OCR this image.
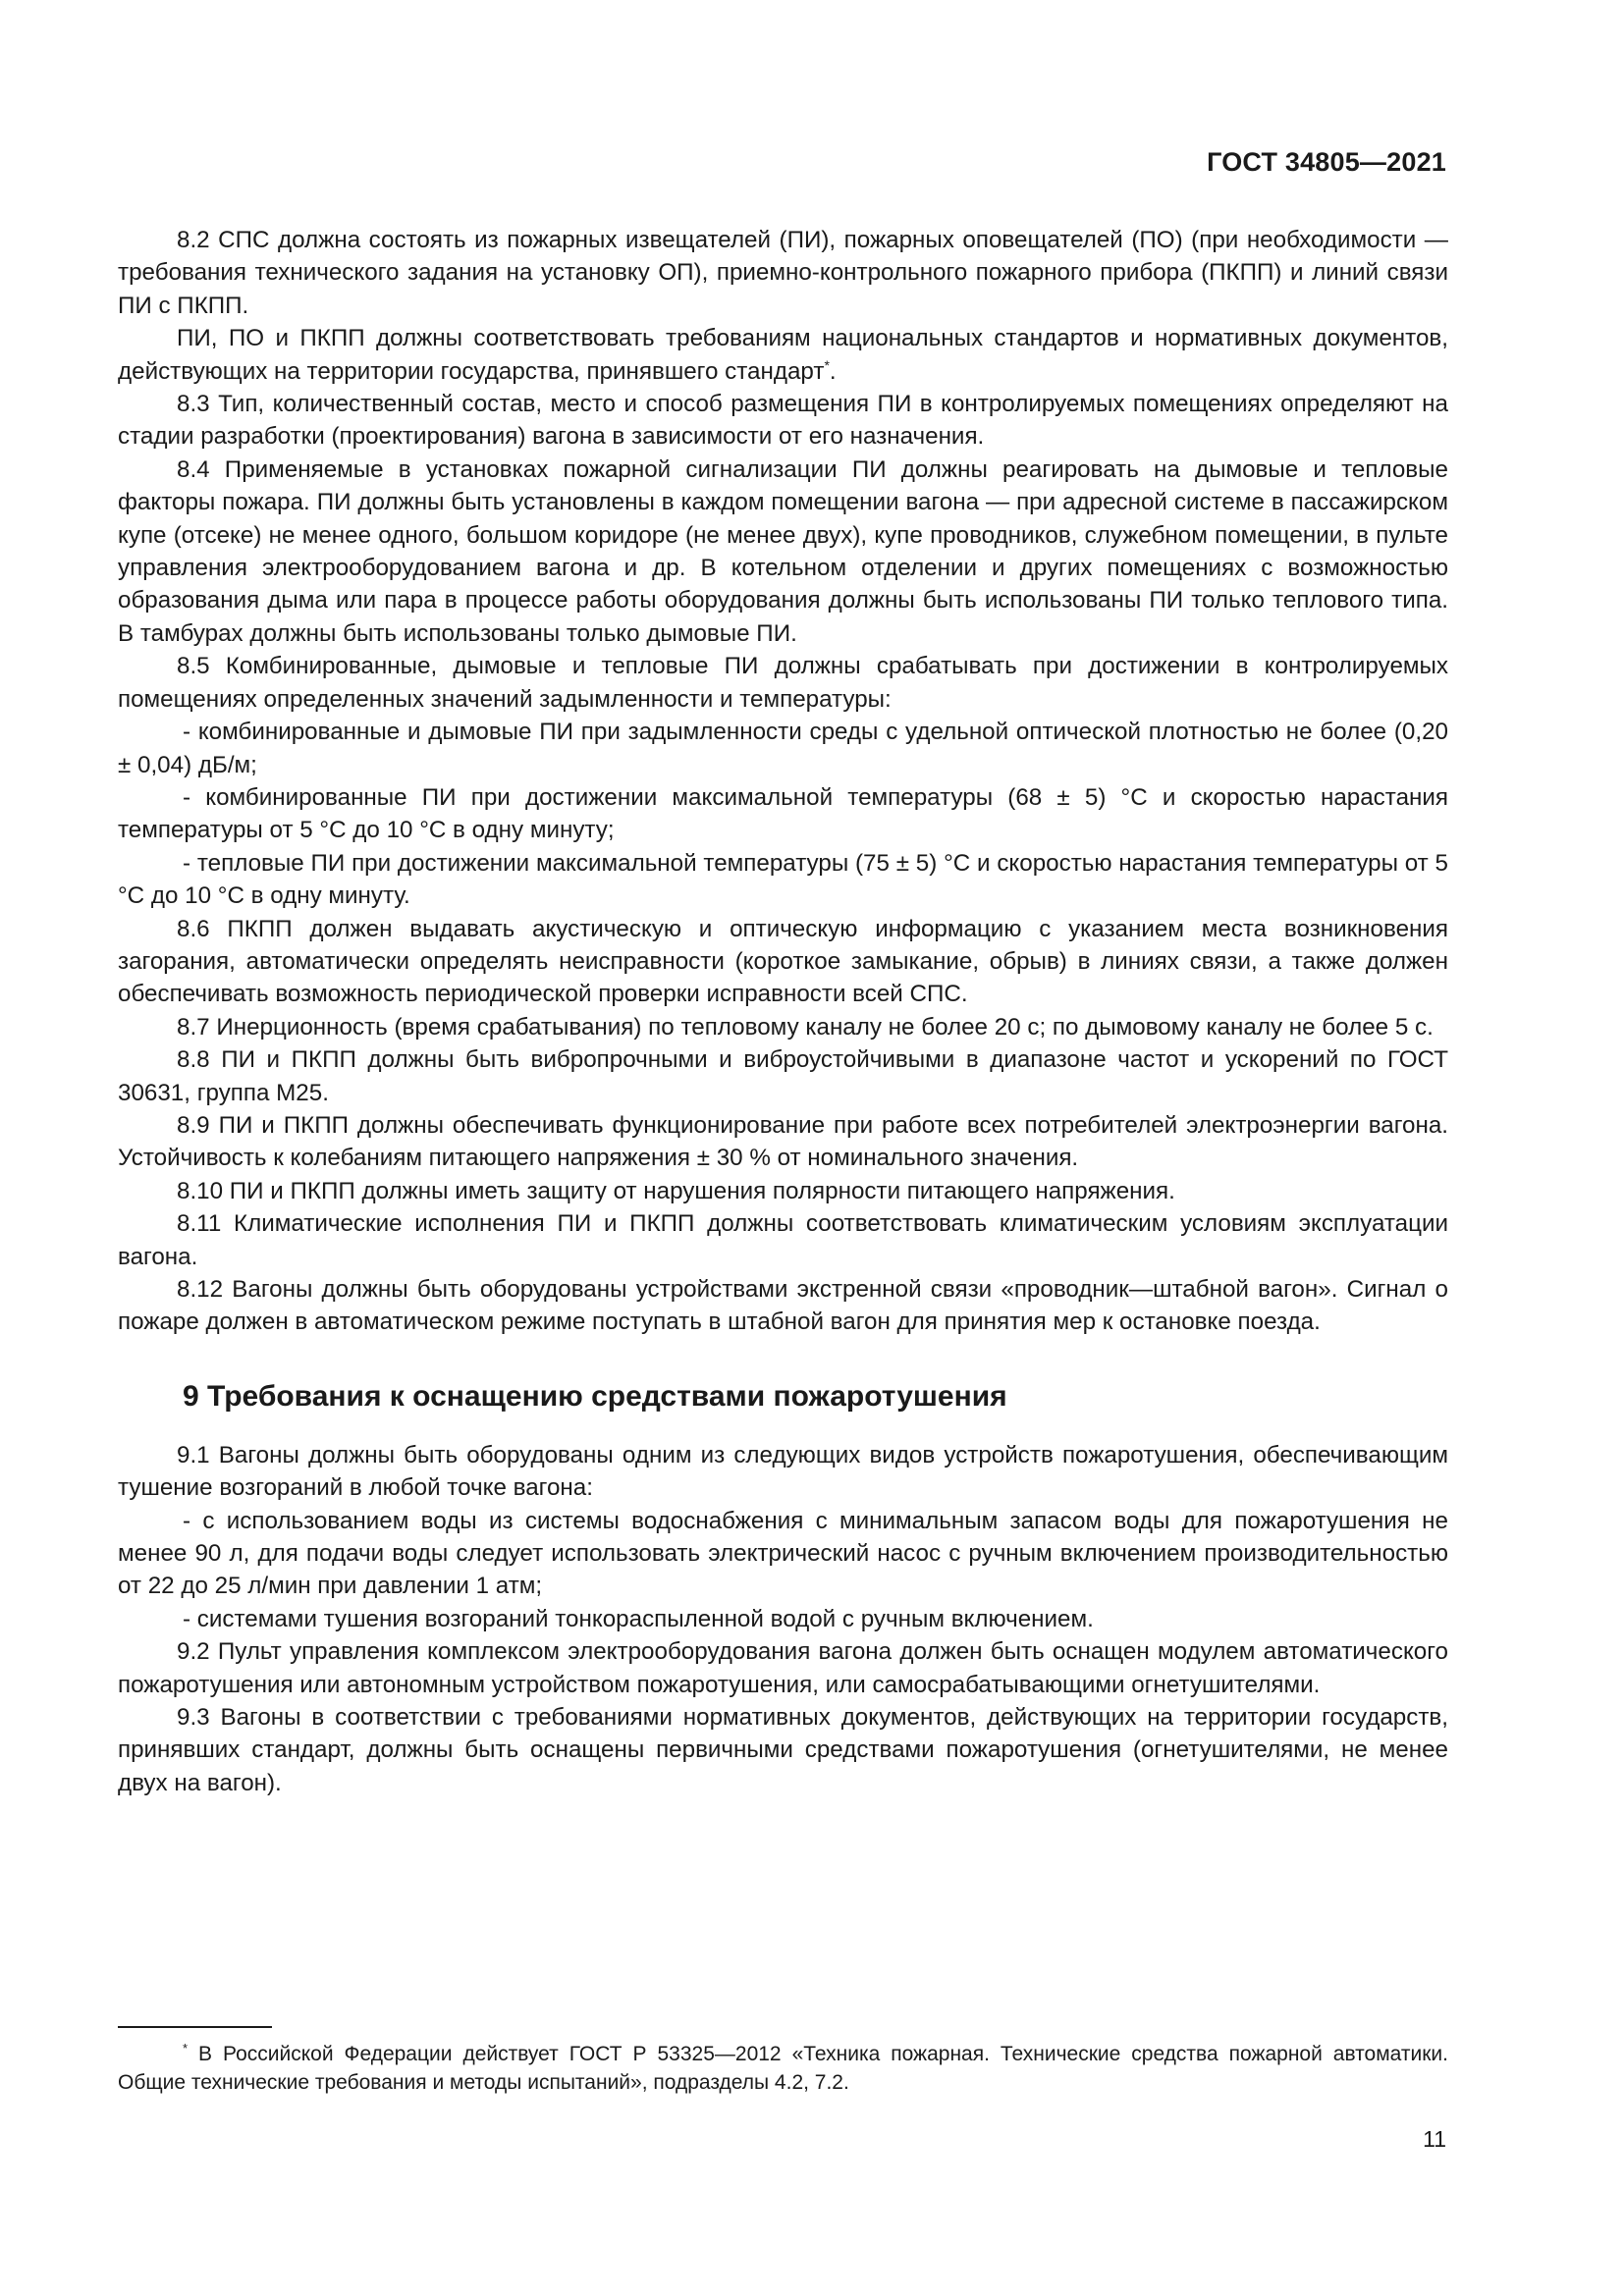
ГОСТ 34805—2021

8.2 СПС должна состоять из пожарных извещателей (ПИ), пожарных оповещателей (ПО) (при необходимости — требования технического задания на установку ОП), приемно-контрольного пожарного прибора (ПКПП) и линий связи ПИ с ПКПП.

ПИ, ПО и ПКПП должны соответствовать требованиям национальных стандартов и нормативных документов, действующих на территории государства, принявшего стандарт*.

8.3 Тип, количественный состав, место и способ размещения ПИ в контролируемых помещениях определяют на стадии разработки (проектирования) вагона в зависимости от его назначения.

8.4 Применяемые в установках пожарной сигнализации ПИ должны реагировать на дымовые и тепловые факторы пожара. ПИ должны быть установлены в каждом помещении вагона — при адресной системе в пассажирском купе (отсеке) не менее одного, большом коридоре (не менее двух), купе проводников, служебном помещении, в пульте управления электрооборудованием вагона и др. В котельном отделении и других помещениях с возможностью образования дыма или пара в процессе работы оборудования должны быть использованы ПИ только теплового типа. В тамбурах должны быть использованы только дымовые ПИ.

8.5 Комбинированные, дымовые и тепловые ПИ должны срабатывать при достижении в контролируемых помещениях определенных значений задымленности и температуры:

- комбинированные и дымовые ПИ при задымленности среды с удельной оптической плотностью не более (0,20 ± 0,04) дБ/м;

- комбинированные ПИ при достижении максимальной температуры (68 ± 5) °С и скоростью нарастания температуры от 5 °С до 10 °С в одну минуту;

- тепловые ПИ при достижении максимальной температуры (75 ± 5) °С и скоростью нарастания температуры от 5 °С до 10 °С в одну минуту.

8.6 ПКПП должен выдавать акустическую и оптическую информацию с указанием места возникновения загорания, автоматически определять неисправности (короткое замыкание, обрыв) в линиях связи, а также должен обеспечивать возможность периодической проверки исправности всей СПС.

8.7 Инерционность (время срабатывания) по тепловому каналу не более 20 с; по дымовому каналу не более 5 с.

8.8 ПИ и ПКПП должны быть вибропрочными и виброустойчивыми в диапазоне частот и ускорений по ГОСТ 30631, группа М25.

8.9 ПИ и ПКПП должны обеспечивать функционирование при работе всех потребителей электроэнергии вагона. Устойчивость к колебаниям питающего напряжения ± 30 % от номинального значения.

8.10 ПИ и ПКПП должны иметь защиту от нарушения полярности питающего напряжения.

8.11 Климатические исполнения ПИ и ПКПП должны соответствовать климатическим условиям эксплуатации вагона.

8.12 Вагоны должны быть оборудованы устройствами экстренной связи «проводник—штабной вагон». Сигнал о пожаре должен в автоматическом режиме поступать в штабной вагон для принятия мер к остановке поезда.

9 Требования к оснащению средствами пожаротушения

9.1 Вагоны должны быть оборудованы одним из следующих видов устройств пожаротушения, обеспечивающим тушение возгораний в любой точке вагона:

- с использованием воды из системы водоснабжения с минимальным запасом воды для пожаротушения не менее 90 л, для подачи воды следует использовать электрический насос с ручным включением производительностью от 22 до 25 л/мин при давлении 1 атм;

- системами тушения возгораний тонкораспыленной водой с ручным включением.

9.2 Пульт управления комплексом электрооборудования вагона должен быть оснащен модулем автоматического пожаротушения или автономным устройством пожаротушения, или самосрабатывающими огнетушителями.

9.3 Вагоны в соответствии с требованиями нормативных документов, действующих на территории государств, принявших стандарт, должны быть оснащены первичными средствами пожаротушения (огнетушителями, не менее двух на вагон).

* В Российской Федерации действует ГОСТ Р 53325—2012 «Техника пожарная. Технические средства пожарной автоматики. Общие технические требования и методы испытаний», подразделы 4.2, 7.2.
11
